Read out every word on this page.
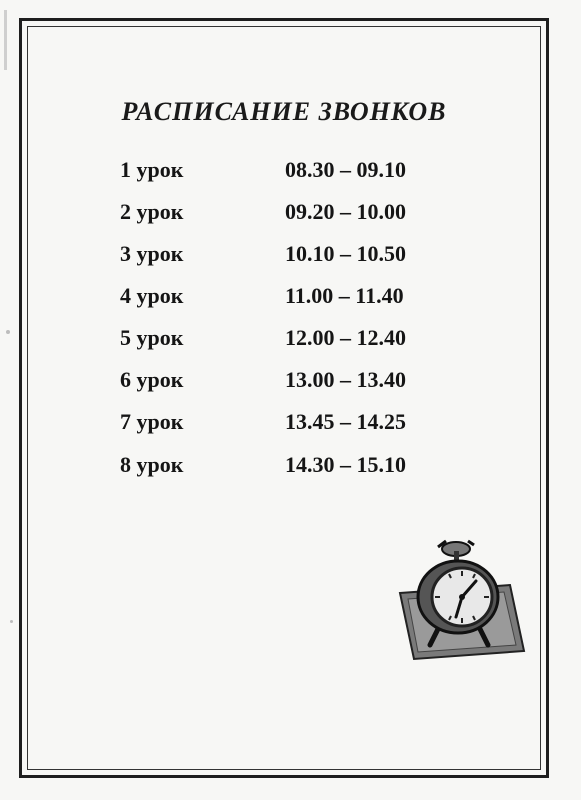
РАСПИСАНИЕ ЗВОНКОВ
1 урок	08.30 – 09.10
2 урок	09.20 – 10.00
3 урок	10.10 – 10.50
4 урок	11.00 – 11.40
5 урок	12.00 – 12.40
6 урок	13.00 – 13.40
7 урок	13.45 – 14.25
8 урок	14.30 – 15.10
